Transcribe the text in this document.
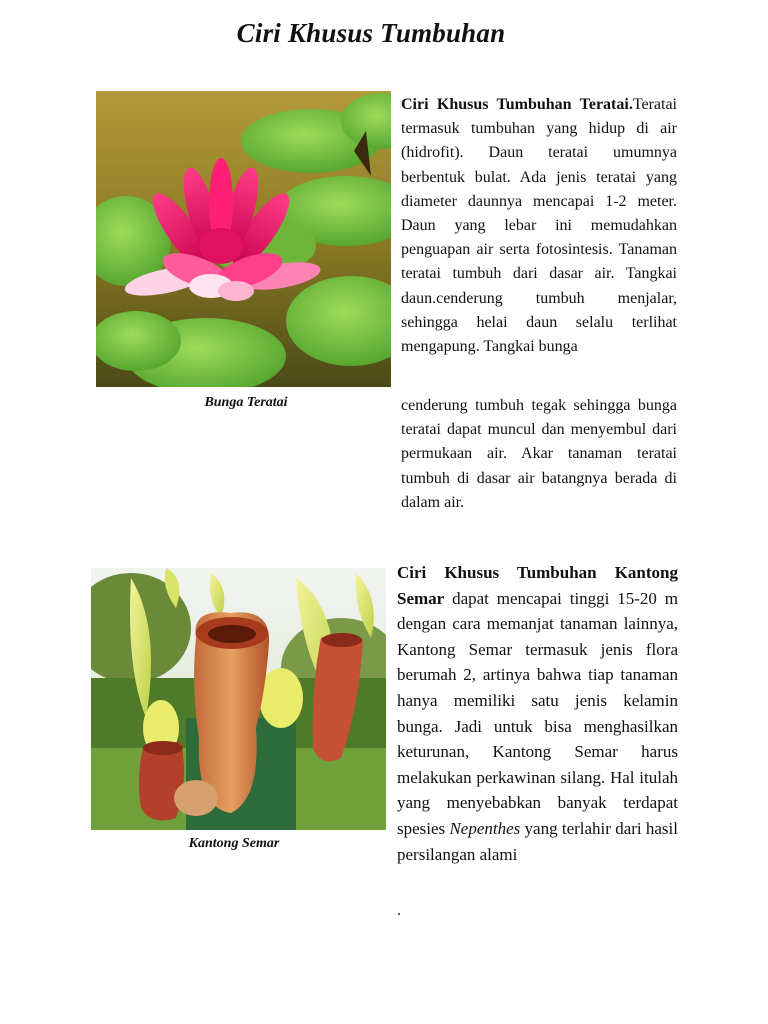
Ciri Khusus Tumbuhan
Bunga Teratai
Ciri Khusus Tumbuhan Teratai.Teratai termasuk tumbuhan yang hidup di air (hidrofit). Daun teratai umumnya berbentuk bulat. Ada jenis teratai yang diameter daunnya mencapai 1-2 meter. Daun yang lebar ini memudahkan penguapan air serta fotosintesis. Tanaman teratai tumbuh dari dasar air. Tangkai daun.cenderung tumbuh menjalar, sehingga helai daun selalu terlihat mengapung. Tangkai bunga
cenderung tumbuh tegak sehingga bunga teratai dapat muncul dan menyembul dari permukaan air. Akar tanaman teratai tumbuh di dasar air batangnya berada di dalam air.
Kantong Semar
Ciri Khusus Tumbuhan Kantong Semar dapat mencapai tinggi 15-20 m dengan cara memanjat tanaman lainnya, Kantong Semar termasuk jenis flora berumah 2, artinya bahwa tiap tanaman hanya memiliki satu jenis kelamin bunga. Jadi untuk bisa menghasilkan keturunan, Kantong Semar harus melakukan perkawinan silang. Hal itulah yang menyebabkan banyak terdapat spesies Nepenthes yang terlahir dari hasil persilangan alami
.
